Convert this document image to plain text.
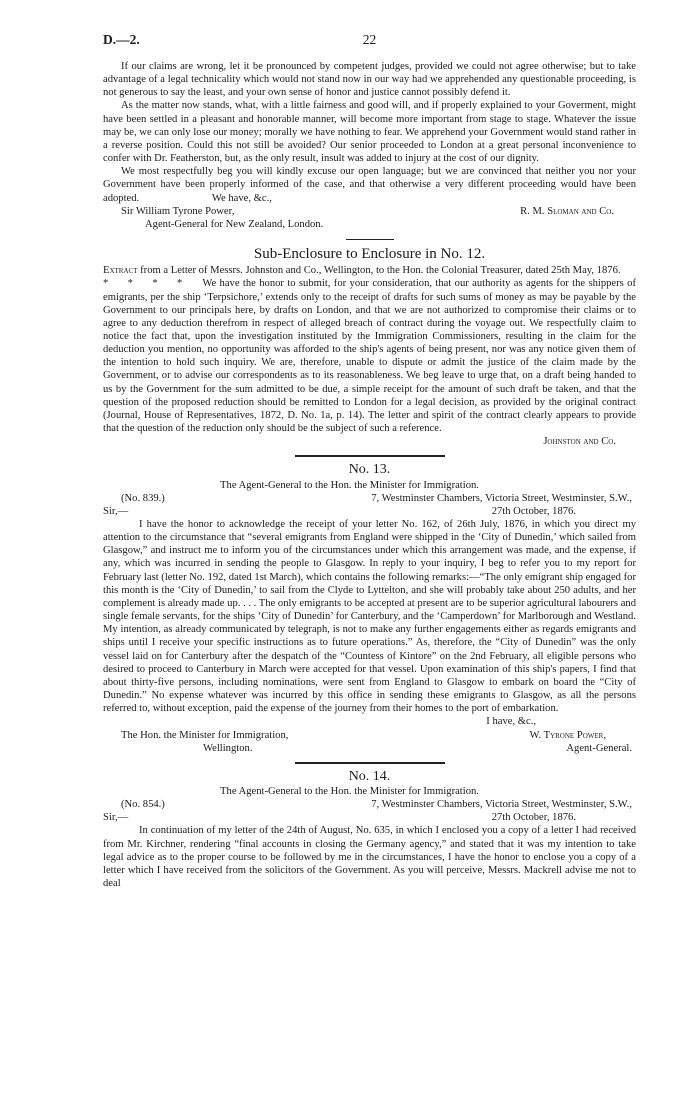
D.—2.	22

If our claims are wrong, let it be pronounced by competent judges, provided we could not agree otherwise; but to take advantage of a legal technicality which would not stand now in our way had we apprehended any questionable proceeding, is not generous to say the least, and your own sense of honor and justice cannot possibly defend it.

As the matter now stands, what, with a little fairness and good will, and if properly explained to your Goverment, might have been settled in a pleasant and honorable manner, will become more important from stage to stage. Whatever the issue may be, we can only lose our money; morally we have nothing to fear. We apprehend your Government would stand rather in a reverse position. Could this not still be avoided? Our senior proceeded to London at a great personal inconvenience to confer with Dr. Featherston, but, as the only result, insult was added to injury at the cost of our dignity.

We most respectfully beg you will kindly excuse our open language; but we are convinced that neither you nor your Government have been properly informed of the case, and that otherwise a very different proceeding would have been adopted.	We have, &c.,

Sir William Tyrone Power,	R. M. Sloman and Co.
Agent-General for New Zealand, London.
Sub-Enclosure to Enclosure in No. 12.

Extract from a Letter of Messrs. Johnston and Co., Wellington, to the Hon. the Colonial Treasurer, dated 25th May, 1876.

* * * * We have the honor to submit, for your consideration, that our authority as agents for the shippers of emigrants, per the ship ‘Terpsichore,’ extends only to the receipt of drafts for such sums of money as may be payable by the Government to our principals here, by drafts on London, and that we are not authorized to compromise their claims or to agree to any deduction therefrom in respect of alleged breach of contract during the voyage out. We respectfully claim to notice the fact that, upon the investigation instituted by the Immigration Commissioners, resulting in the claim for the deduction you mention, no opportunity was afforded to the ship's agents of being present, nor was any notice given them of the intention to hold such inquiry. We are, therefore, unable to dispute or admit the justice of the claim made by the Government, or to advise our correspondents as to its reasonableness. We beg leave to urge that, on a draft being handed to us by the Government for the sum admitted to be due, a simple receipt for the amount of such draft be taken, and that the question of the proposed reduction should be remitted to London for a legal decision, as provided by the original contract (Journal, House of Representatives, 1872, D. No. 1a, p. 14). The letter and spirit of the contract clearly appears to provide that the question of the reduction only should be the subject of such a reference.

Johnston and Co.
No. 13.
The Agent-General to the Hon. the Minister for Immigration.
(No. 839.)	7, Westminster Chambers, Victoria Street, Westminster, S.W.,
Sir,—	27th October, 1876.

I have the honor to acknowledge the receipt of your letter No. 162, of 26th July, 1876, in which you direct my attention to the circumstance that “several emigrants from England were shipped in the ‘City of Dunedin,’ which sailed from Glasgow,” and instruct me to inform you of the circumstances under which this arrangement was made, and the expense, if any, which was incurred in sending the people to Glasgow. In reply to your inquiry, I beg to refer you to my report for February last (letter No. 192, dated 1st March), which contains the following remarks:—“The only emigrant ship engaged for this month is the ‘City of Dunedin,’ to sail from the Clyde to Lyttelton, and she will probably take about 250 adults, and her complement is already made up. . . . The only emigrants to be accepted at present are to be superior agricultural labourers and single female servants, for the ships ‘City of Dunedin’ for Canterbury, and the ‘Camperdown’ for Marlborough and Westland. My intention, as already communicated by telegraph, is not to make any further engagements either as regards emigrants and ships until I receive your specific instructions as to future operations.” As, therefore, the “City of Dunedin” was the only vessel laid on for Canterbury after the despatch of the “Countess of Kintore” on the 2nd February, all eligible persons who desired to proceed to Canterbury in March were accepted for that vessel. Upon examination of this ship's papers, I find that about thirty-five persons, including nominations, were sent from England to Glasgow to embark on board the “City of Dunedin.” No expense whatever was incurred by this office in sending these emigrants to Glasgow, as all the persons referred to, without exception, paid the expense of the journey from their homes to the port of embarkation.

I have, &c.,
The Hon. the Minister for Immigration,	W. Tyrone Power,
Wellington.	Agent-General.
No. 14.
The Agent-General to the Hon. the Minister for Immigration.
(No. 854.)	7, Westminster Chambers, Victoria Street, Westminster, S.W.,
Sir,—	27th October, 1876.

In continuation of my letter of the 24th of August, No. 635, in which I enclosed you a copy of a letter I had received from Mr. Kirchner, rendering “final accounts in closing the Germany agency,” and stated that it was my intention to take legal advice as to the proper course to be followed by me in the circumstances, I have the honor to enclose you a copy of a letter which I have received from the solicitors of the Government. As you will perceive, Messrs. Mackrell advise me not to deal
